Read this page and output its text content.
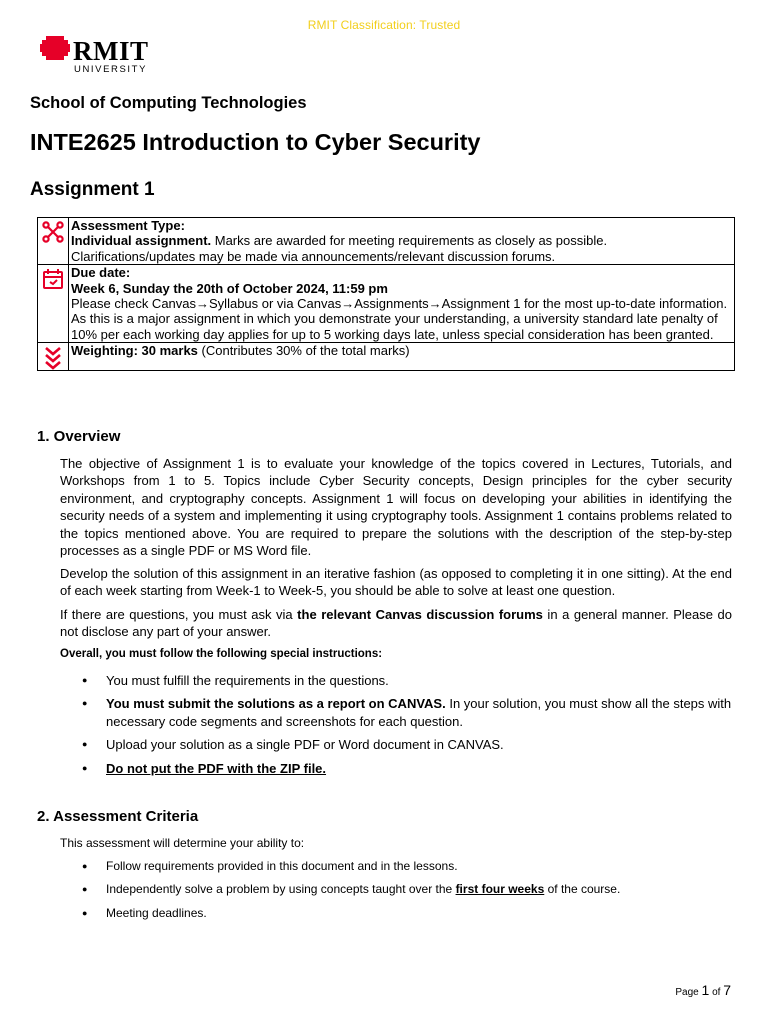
RMIT Classification: Trusted
RMIT
UNIVERSITY
School of Computing Technologies
INTE2625 Introduction to Cyber Security
Assignment 1

Assessment Type:
Individual assignment. Marks are awarded for meeting requirements as closely as possible.
Clarifications/updates may be made via announcements/relevant discussion forums.

Due date:
Week 6, Sunday the 20th of October 2024, 11:59 pm
Please check Canvas→Syllabus or via Canvas→Assignments→Assignment 1 for the most up-to-date information.
As this is a major assignment in which you demonstrate your understanding, a university standard late penalty of 10% per each working day applies for up to 5 working days late, unless special consideration has been granted.

	Weighting: 30 marks (Contributes 30% of the total marks)
1. Overview

The objective of Assignment 1 is to evaluate your knowledge of the topics covered in Lectures, Tutorials, and Workshops from 1 to 5. Topics include Cyber Security concepts, Design principles for the cyber security environment, and cryptography concepts. Assignment 1 will focus on developing your abilities in identifying the security needs of a system and implementing it using cryptography tools. Assignment 1 contains problems related to the topics mentioned above. You are required to prepare the solutions with the description of the step-by-step processes as a single PDF or MS Word file.

Develop the solution of this assignment in an iterative fashion (as opposed to completing it in one sitting). At the end of each week starting from Week-1 to Week-5, you should be able to solve at least one question.

If there are questions, you must ask via the relevant Canvas discussion forums in a general manner. Please do not disclose any part of your answer.

Overall, you must follow the following special instructions:
● You must fulfill the requirements in the questions.
● You must submit the solutions as a report on CANVAS. In your solution, you must show all the steps with necessary code segments and screenshots for each question.
● Upload your solution as a single PDF or Word document in CANVAS.
● Do not put the PDF with the ZIP file.
2. Assessment Criteria
This assessment will determine your ability to:
● Follow requirements provided in this document and in the lessons.
● Independently solve a problem by using concepts taught over the first four weeks of the course.
● Meeting deadlines.
Page 1 of 7
